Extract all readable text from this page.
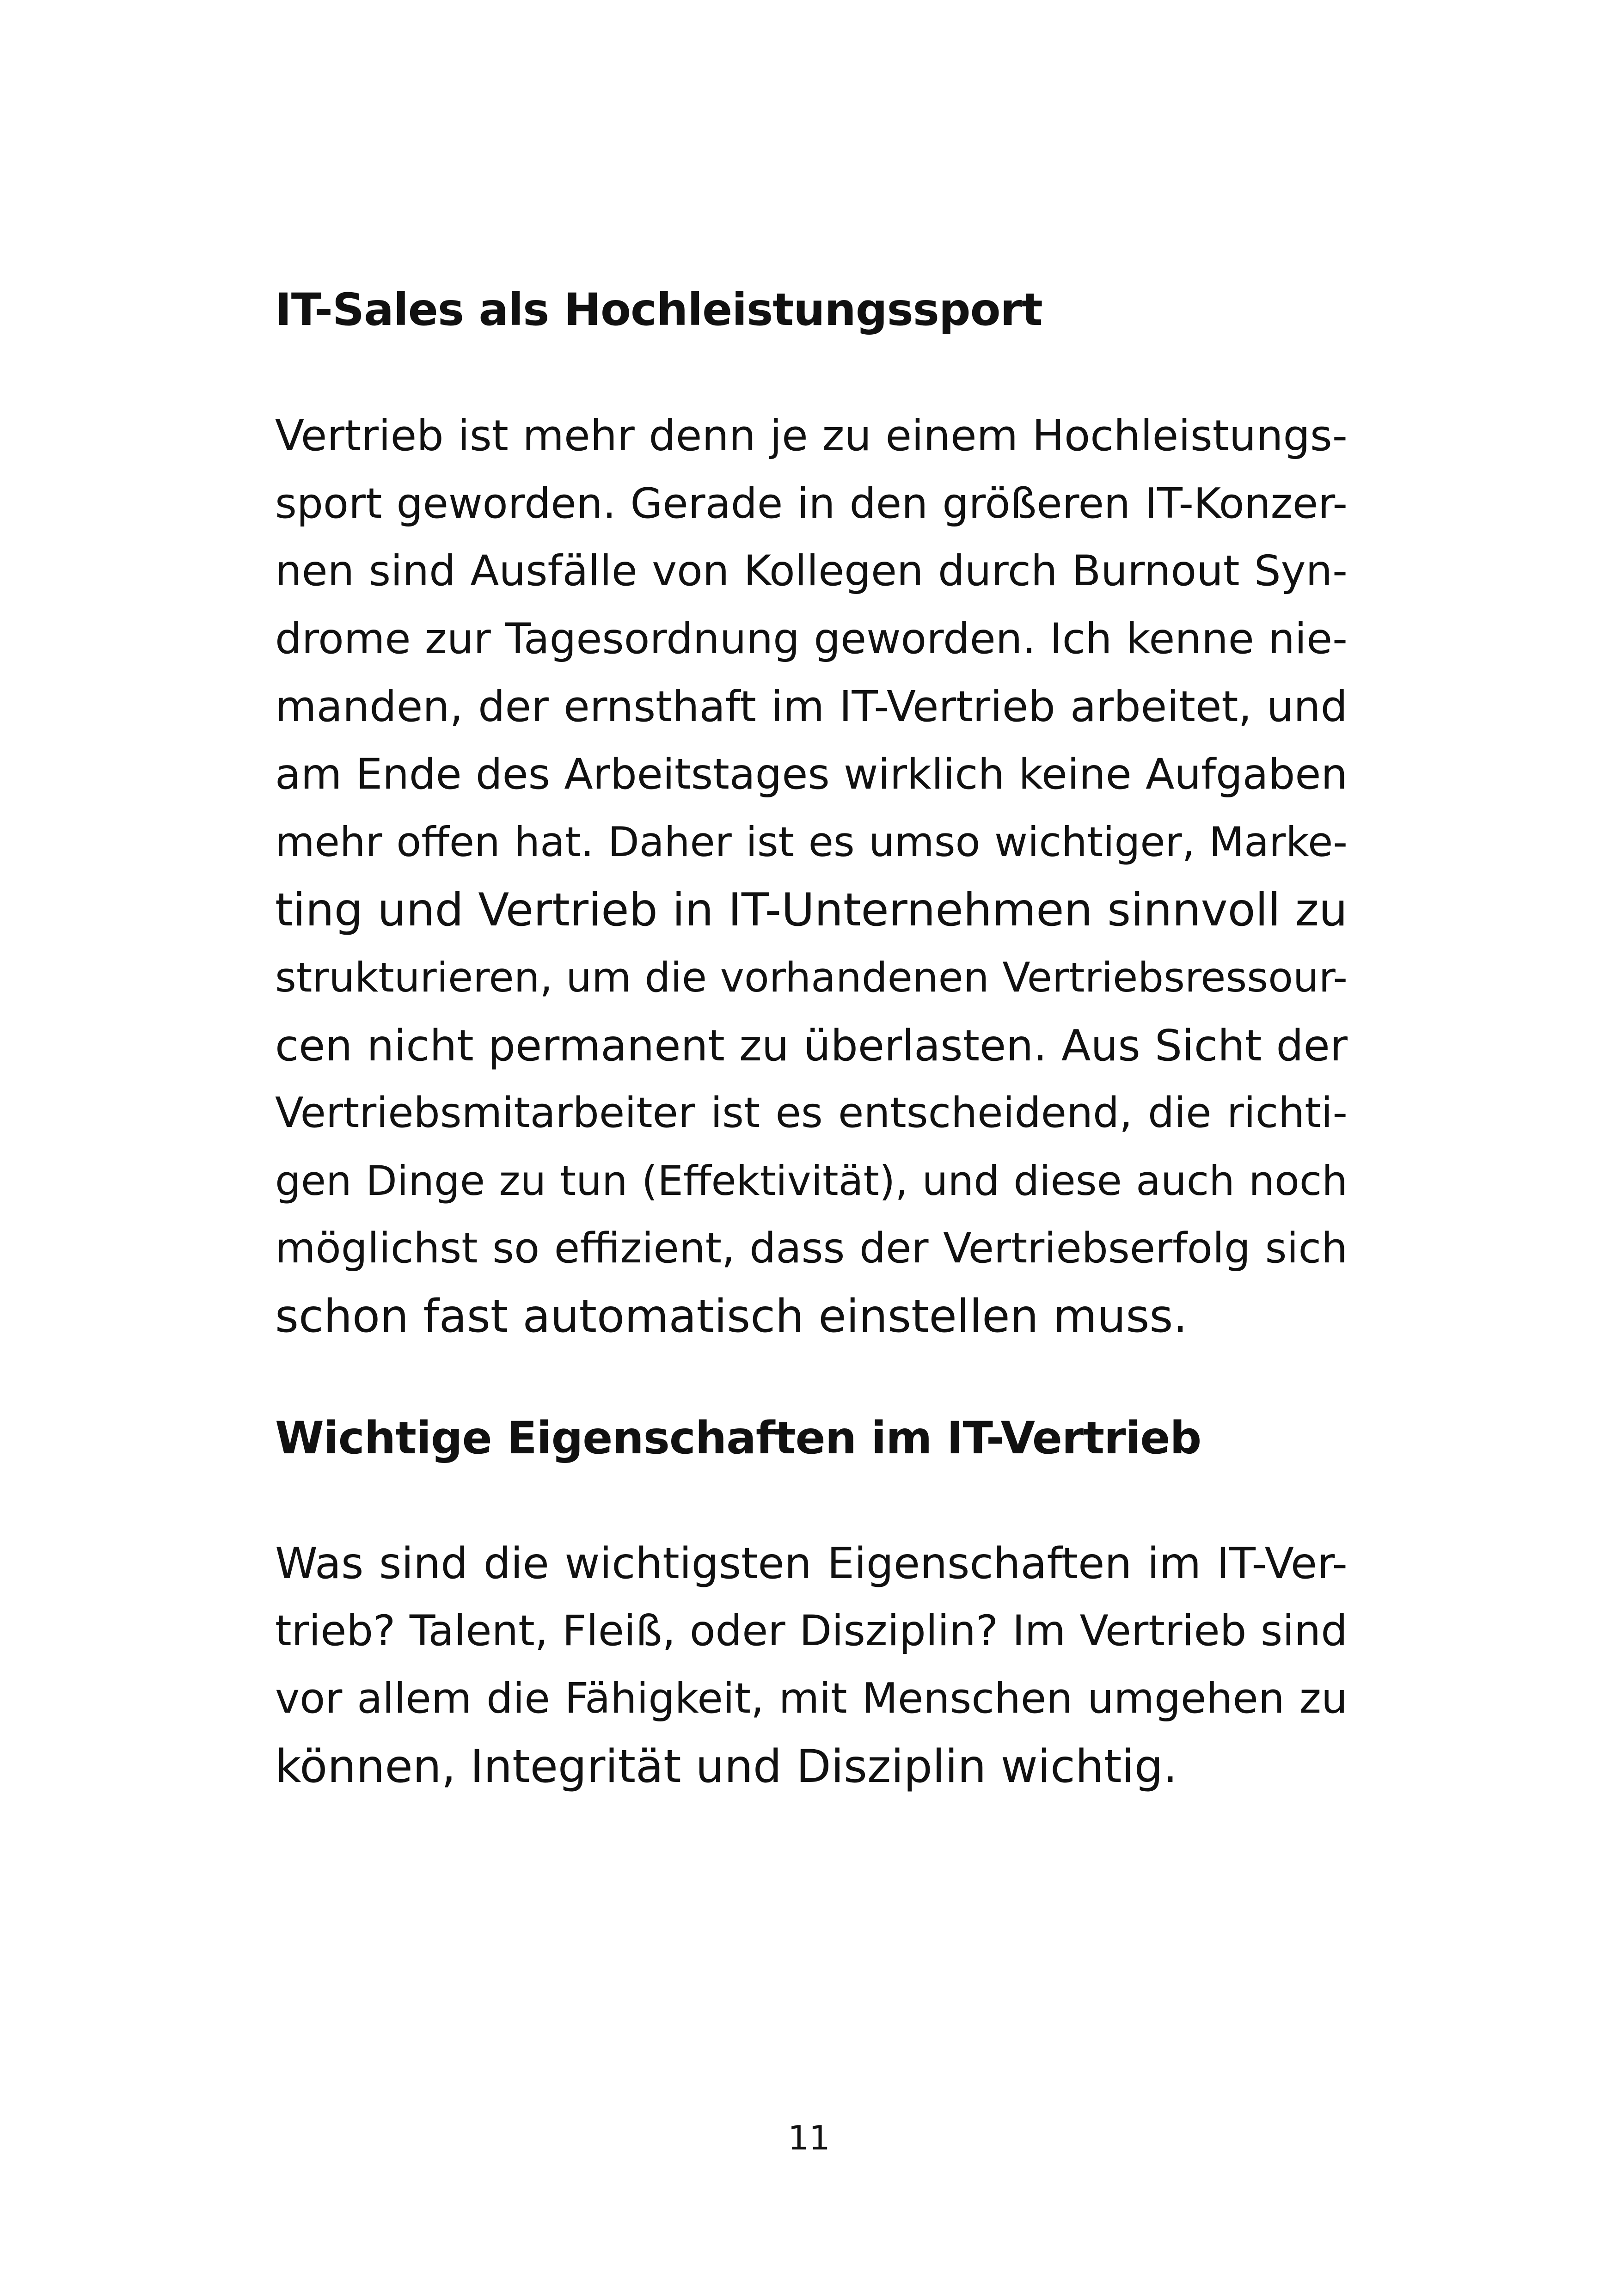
IT-Sales als Hochleistungssport
Vertrieb ist mehr denn je zu einem Hochleistungs-
sport geworden. Gerade in den größeren IT-Konzer-
nen sind Ausfälle von Kollegen durch Burnout Syn-
drome zur Tagesordnung geworden. Ich kenne nie-
manden, der ernsthaft im IT-Vertrieb arbeitet, und
am Ende des Arbeitstages wirklich keine Aufgaben
mehr offen hat. Daher ist es umso wichtiger, Marke-
ting und Vertrieb in IT-Unternehmen sinnvoll zu
strukturieren, um die vorhandenen Vertriebsressour-
cen nicht permanent zu überlasten. Aus Sicht der
Vertriebsmitarbeiter ist es entscheidend, die richti-
gen Dinge zu tun (Effektivität), und diese auch noch
möglichst so effizient, dass der Vertriebserfolg sich
schon fast automatisch einstellen muss.
Wichtige Eigenschaften im IT-Vertrieb
Was sind die wichtigsten Eigenschaften im IT-Ver-
trieb? Talent, Fleiß, oder Disziplin? Im Vertrieb sind
vor allem die Fähigkeit, mit Menschen umgehen zu
können, Integrität und Disziplin wichtig.
11
